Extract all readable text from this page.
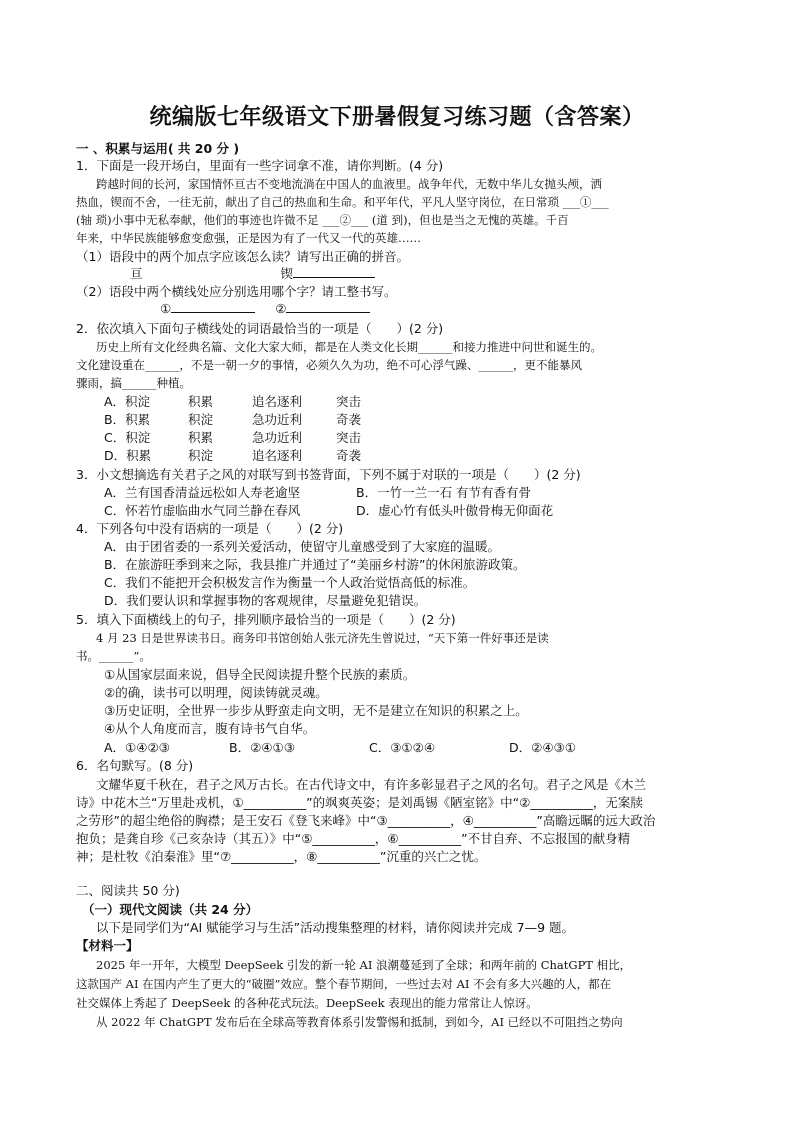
统编版七年级语文下册暑假复习练习题（含答案）
一 、积累与运用( 共 20 分 )
1．下面是一段开场白，里面有一些字词拿不准，请你判断。(4 分)
跨越时间的长河，家国情怀亘古不变地流淌在中国人的血液里。战争年代，无数中华儿女抛头颅，洒
热血，锲而不舍，一往无前，献出了自己的热血和生命。和平年代，平凡人坚守岗位，在日常琐 ___①___
(轴 琐)小事中无私奉献，他们的事迹也许微不足 ___②___ (道 到)，但也是当之无愧的英雄。千百
年来，中华民族能够愈变愈强，正是因为有了一代又一代的英雄……
（1）语段中的两个加点字应该怎么读？请写出正确的拼音。
亘	锲
（2）语段中两个横线处应分别选用哪个字？请工整书写。
①	②
2．依次填入下面句子横线处的词语最恰当的一项是（　　）(2 分)
历史上所有文化经典名篇、文化大家大师，都是在人类文化长期______和接力推进中问世和诞生的。
文化建设重在______，不是一朝一夕的事情，必须久久为功，绝不可心浮气躁、______，更不能暴风
骤雨，搞______种植。
A．积淀	积累	追名逐利	突击
B．积累	积淀	急功近利	奇袭
C．积淀	积累	急功近利	突击
D．积累	积淀	追名逐利	奇袭
3．小文想摘选有关君子之风的对联写到书签背面，下列不属于对联的一项是（　　）(2 分)
A．兰有国香清益远松如人寿老逾坚	B．一竹一兰一石 有节有香有骨
C．怀若竹虚临曲水气同兰静在春风	D．虚心竹有低头叶傲骨梅无仰面花
4．下列各句中没有语病的一项是（　　）(2 分)
A．由于团省委的一系列关爱活动，使留守儿童感受到了大家庭的温暖。
B．在旅游旺季到来之际，我县推广并通过了“美丽乡村游”的休闲旅游政策。
C．我们不能把开会积极发言作为衡量一个人政治觉悟高低的标准。
D．我们要认识和掌握事物的客观规律，尽量避免犯错误。
5．填入下面横线上的句子，排列顺序最恰当的一项是（　　）(2 分)
4 月 23 日是世界读书日。商务印书馆创始人张元济先生曾说过，“天下第一件好事还是读
书。______”。
①从国家层面来说，倡导全民阅读提升整个民族的素质。
②的确，读书可以明理，阅读铸就灵魂。
③历史证明，全世界一步步从野蛮走向文明，无不是建立在知识的积累之上。
④从个人角度而言，腹有诗书气自华。
A．①④②③	B．②④①③	C．③①②④	D．②④③①
6．名句默写。(8 分)
文耀华夏千秋在，君子之风万古长。在古代诗文中，有许多彰显君子之风的名句。君子之风是《木兰
诗》中花木兰“万里赴戎机，①__________”的飒爽英姿；是刘禹锡《陋室铭》中“②__________，无案牍
之劳形”的超尘绝俗的胸襟；是王安石《登飞来峰》中“③__________，④__________”高瞻远瞩的远大政治
抱负；是龚自珍《己亥杂诗（其五）》中“⑤__________，⑥__________”不甘自弃、不忘报国的献身精
神；是杜牧《泊秦淮》里“⑦__________，⑧__________”沉重的兴亡之忧。
二、阅读共 50 分)
（一）现代文阅读（共 24 分）
以下是同学们为“AI 赋能学习与生活”活动搜集整理的材料，请你阅读并完成 7—9 题。
【材料一】
2025 年一开年，大模型 DeepSeek 引发的新一轮 AI 浪潮蔓延到了全球；和两年前的 ChatGPT 相比，
这款国产 AI 在国内产生了更大的“破圈”效应。整个春节期间，一些过去对 AI 不会有多大兴趣的人，都在
社交媒体上秀起了 DeepSeek 的各种花式玩法。DeepSeek 表现出的能力常常让人惊讶。
从 2022 年 ChatGPT 发布后在全球高等教育体系引发警惕和抵制，到如今，AI 已经以不可阻挡之势向
